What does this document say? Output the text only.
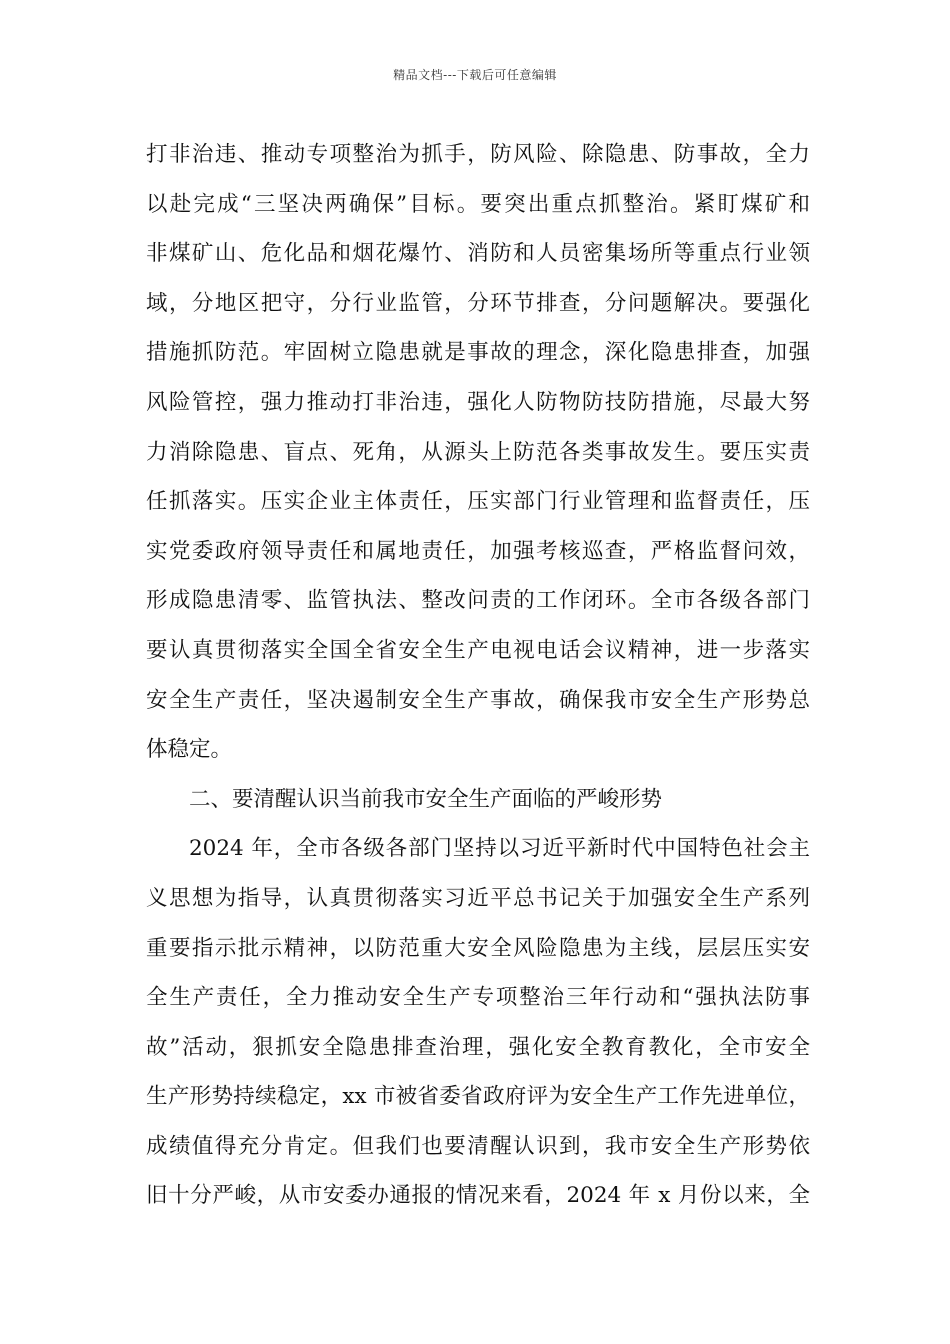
精品文档---下载后可任意编辑
打非治违、推动专项整治为抓手，防风险、除隐患、防事故，全力
以赴完成“三坚决两确保”目标。要突出重点抓整治。紧盯煤矿和
非煤矿山、危化品和烟花爆竹、消防和人员密集场所等重点行业领
域，分地区把守，分行业监管，分环节排查，分问题解决。要强化
措施抓防范。牢固树立隐患就是事故的理念，深化隐患排查，加强
风险管控，强力推动打非治违，强化人防物防技防措施，尽最大努
力消除隐患、盲点、死角，从源头上防范各类事故发生。要压实责
任抓落实。压实企业主体责任，压实部门行业管理和监督责任，压
实党委政府领导责任和属地责任，加强考核巡查，严格监督问效，
形成隐患清零、监管执法、整改问责的工作闭环。全市各级各部门
要认真贯彻落实全国全省安全生产电视电话会议精神，进一步落实
安全生产责任，坚决遏制安全生产事故，确保我市安全生产形势总
体稳定。
二、要清醒认识当前我市安全生产面临的严峻形势
2024 年，全市各级各部门坚持以习近平新时代中国特色社会主
义思想为指导，认真贯彻落实习近平总书记关于加强安全生产系列
重要指示批示精神，以防范重大安全风险隐患为主线，层层压实安
全生产责任，全力推动安全生产专项整治三年行动和“强执法防事
故”活动，狠抓安全隐患排查治理，强化安全教育教化，全市安全
生产形势持续稳定，xx 市被省委省政府评为安全生产工作先进单位，
成绩值得充分肯定。但我们也要清醒认识到，我市安全生产形势依
旧十分严峻，从市安委办通报的情况来看，2024 年 x 月份以来，全
